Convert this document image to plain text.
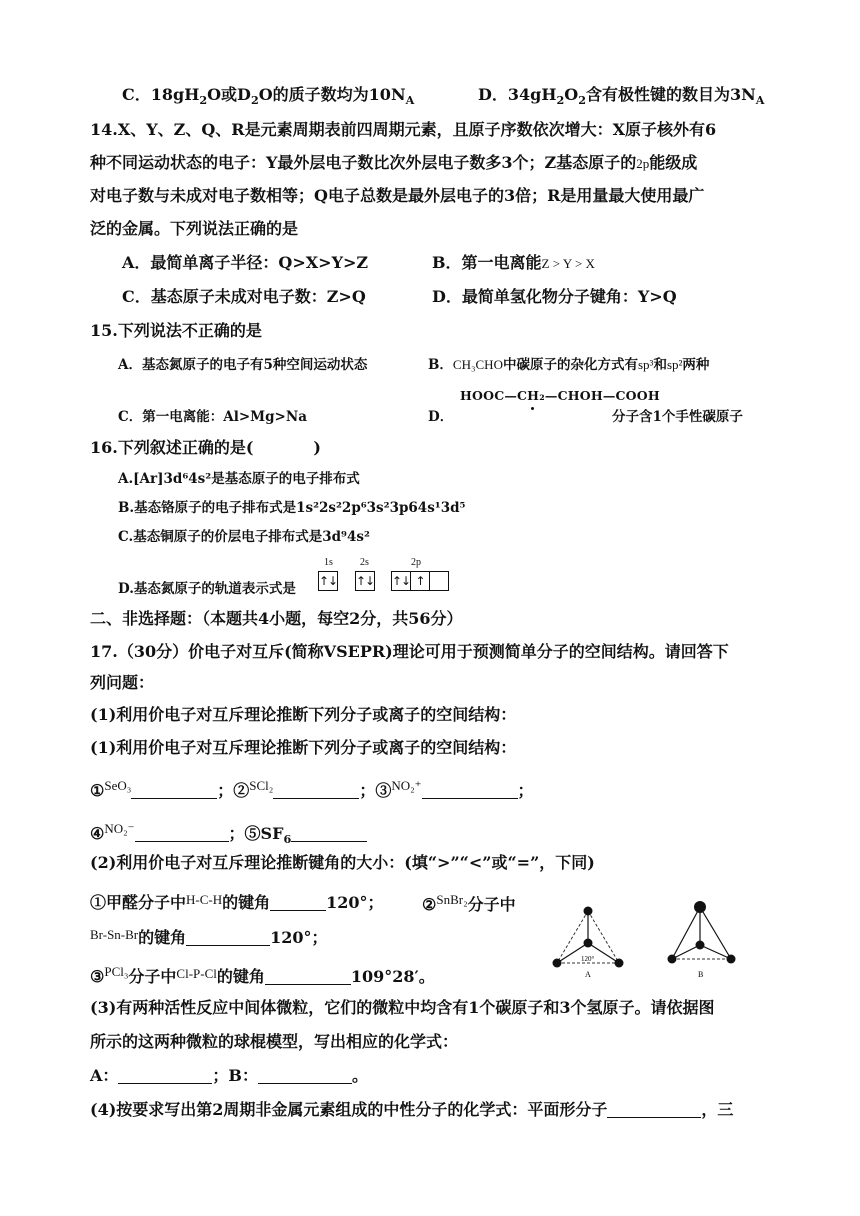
C．$18gH_2O$或$D_2O$的质子数均为$10N_A$	D．$34gH_2O_2$含有极性键的数目为$3N_A$
14.X、Y、Z、Q、R是元素周期表前四周期元素，且原子序数依次增大：X原子核外有6
种不同运动状态的电子：Y最外层电子数比次外层电子数多3个；Z基态原子的2p能级成
对电子数与未成对电子数相等；Q电子总数是最外层电子的3倍；R是用量最大使用最广
泛的金属。下列说法正确的是
A．最简单离子半径：Q>X>Y>Z	B．第一电离能Z > Y > X
C．基态原子未成对电子数：Z>Q	D．最简单氢化物分子键角：Y>Q
15.下列说法不正确的是
A．基态氮原子的电子有5种空间运动状态	B．CH₃CHO中碳原子的杂化方式有sp³和sp²两种
C．第一电离能：Al>Mg>Na	D．
HOOC—CH₂—CHOH—COOH
分子含1个手性碳原子
16.下列叙述正确的是(	)
A.[Ar]3d⁶4s²是基态原子的电子排布式
B.基态铬原子的电子排布式是1s²2s²2p⁶3s²3p64s¹3d⁵
C.基态铜原子的价层电子排布式是3d⁹4s²
D.基态氮原子的轨道表示式是
1s	2s	2p
↑↓ ↑↓ ↑↓ ↑
二、非选择题：（本题共4小题，每空2分，共56分）
17.（30分）价电子对互斥(简称VSEPR)理论可用于预测简单分子的空间结构。请回答下
列问题：
(1)利用价电子对互斥理论推断下列分子或离子的空间结构：
(1)利用价电子对互斥理论推断下列分子或离子的空间结构：
①$^{SeO_3}$	；②$^{SCl_2}$	；③$^{NO_2^+}$	；
④$^{NO_2^-}$	；$⑤SF_6$
(2)利用价电子对互斥理论推断键角的大小：(填“>”“<”或“=”，下同)
①甲醛分子中$^{H-C-H}$的键角	120°； ②$^{SnBr_2}$分子中
$^{Br-Sn-Br}$的键角	120°；
③$^{PCl_3}$分子中$^{Cl-P-Cl}$的键角	109°28′。
120°
A	B
(3)有两种活性反应中间体微粒，它们的微粒中均含有1个碳原子和3个氢原子。请依据图
所示的这两种微粒的球棍模型，写出相应的化学式：
A：	；B：	。
(4)按要求写出第2周期非金属元素组成的中性分子的化学式：平面形分子	，三
